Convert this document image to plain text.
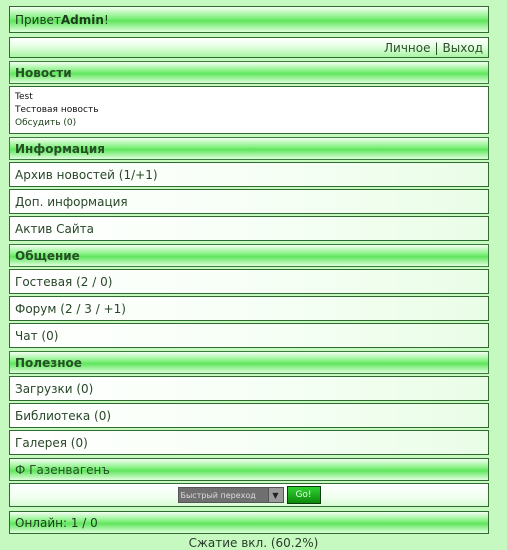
Привет Admin !
Личное | Выход
Новости
Test
Тестовая новость
Обсудить (0)
Информация
Архив новостей (1/+1)
Доп. информация
Актив Сайта
Общение
Гостевая (2 / 0)
Форум (2 / 3 / +1)
Чат (0)
Полезное
Загрузки (0)
Библиотека (0)
Галерея (0)
Ф Газенвагенъ
Быстрый переход	▼	Go!
Онлайн: 1 / 0
Сжатие вкл. (60.2%)
